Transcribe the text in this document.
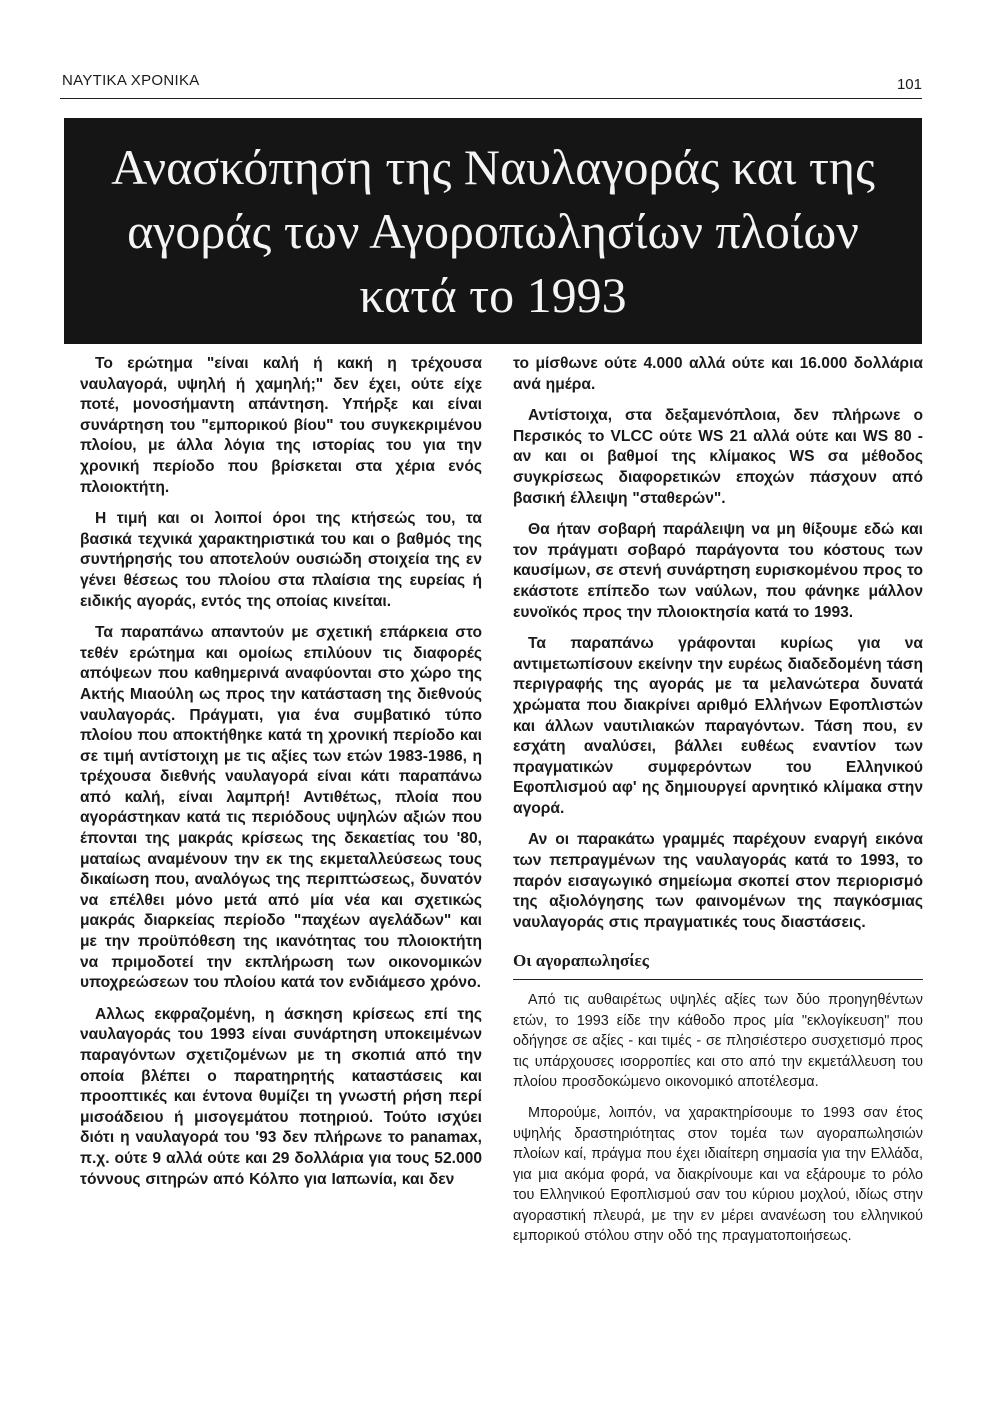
ΝΑΥΤΙΚΑ ΧΡΟΝΙΚΑ	101
Ανασκόπηση της Ναυλαγοράς και της αγοράς των Αγοροπωλησίων πλοίων κατά το 1993

Το ερώτημα "είναι καλή ή κακή η τρέχουσα ναυλαγορά, υψηλή ή χαμηλή;" δεν έχει, ούτε είχε ποτέ, μονοσήμαντη απάντηση. Υπήρξε και είναι συνάρτηση του "εμπορικού βίου" του συγκεκριμένου πλοίου, με άλλα λόγια της ιστορίας του για την χρονική περίοδο που βρίσκεται στα χέρια ενός πλοιοκτήτη.

Η τιμή και οι λοιποί όροι της κτήσεώς του, τα βασικά τεχνικά χαρακτηριστικά του και ο βαθμός της συντήρησής του αποτελούν ουσιώδη στοιχεία της εν γένει θέσεως του πλοίου στα πλαίσια της ευρείας ή ειδικής αγοράς, εντός της οποίας κινείται.

Τα παραπάνω απαντούν με σχετική επάρκεια στο τεθέν ερώτημα και ομοίως επιλύουν τις διαφορές απόψεων που καθημερινά αναφύονται στο χώρο της Ακτής Μιαούλη ως προς την κατάσταση της διεθνούς ναυλαγοράς. Πράγματι, για ένα συμβατικό τύπο πλοίου που αποκτήθηκε κατά τη χρονική περίοδο και σε τιμή αντίστοιχη με τις αξίες των ετών 1983-1986, η τρέχουσα διεθνής ναυλαγορά είναι κάτι παραπάνω από καλή, είναι λαμπρή! Αντιθέτως, πλοία που αγοράστηκαν κατά τις περιόδους υψηλών αξιών που έπονται της μακράς κρίσεως της δεκαετίας του '80, ματαίως αναμένουν την εκ της εκμεταλλεύσεως τους δικαίωση που, αναλόγως της περιπτώσεως, δυνατόν να επέλθει μόνο μετά από μία νέα και σχετικώς μακράς διαρκείας περίοδο "παχέων αγελάδων" και με την προϋπόθεση της ικανότητας του πλοιοκτήτη να πριμοδοτεί την εκπλήρωση των οικονομικών υποχρεώσεων του πλοίου κατά τον ενδιάμεσο χρόνο.

Αλλως εκφραζομένη, η άσκηση κρίσεως επί της ναυλαγοράς του 1993 είναι συνάρτηση υποκειμένων παραγόντων σχετιζομένων με τη σκοπιά από την οποία βλέπει ο παρατηρητής καταστάσεις και προοπτικές και έντονα θυμίζει τη γνωστή ρήση περί μισοάδειου ή μισογεμάτου ποτηριού. Τούτο ισχύει διότι η ναυλαγορά του '93 δεν πλήρωνε το panamax, π.χ. ούτε 9 αλλά ούτε και 29 δολλάρια για τους 52.000 τόννους σιτηρών από Κόλπο για Ιαπωνία, και δεν

το μίσθωνε ούτε 4.000 αλλά ούτε και 16.000 δολλάρια ανά ημέρα.

Αντίστοιχα, στα δεξαμενόπλοια, δεν πλήρωνε ο Περσικός το VLCC ούτε WS 21 αλλά ούτε και WS 80 - αν και οι βαθμοί της κλίμακος WS σα μέθοδος συγκρίσεως διαφορετικών εποχών πάσχουν από βασική έλλειψη "σταθερών".

Θα ήταν σοβαρή παράλειψη να μη θίξουμε εδώ και τον πράγματι σοβαρό παράγοντα του κόστους των καυσίμων, σε στενή συνάρτηση ευρισκομένου προς το εκάστοτε επίπεδο των ναύλων, που φάνηκε μάλλον ευνοϊκός προς την πλοιοκτησία κατά το 1993.

Τα παραπάνω γράφονται κυρίως για να αντιμετωπίσουν εκείνην την ευρέως διαδεδομένη τάση περιγραφής της αγοράς με τα μελανώτερα δυνατά χρώματα που διακρίνει αριθμό Ελλήνων Εφοπλιστών και άλλων ναυτιλιακών παραγόντων. Τάση που, εν εσχάτη αναλύσει, βάλλει ευθέως εναντίον των πραγματικών συμφερόντων του Ελληνικού Εφοπλισμού αφ' ης δημιουργεί αρνητικό κλίμακα στην αγορά.

Αν οι παρακάτω γραμμές παρέχουν εναργή εικόνα των πεπραγμένων της ναυλαγοράς κατά το 1993, το παρόν εισαγωγικό σημείωμα σκοπεί στον περιορισμό της αξιολόγησης των φαινομένων της παγκόσμιας ναυλαγοράς στις πραγματικές τους διαστάσεις.

Οι αγοραπωλησίες

Από τις αυθαιρέτως υψηλές αξίες των δύο προηγηθέντων ετών, το 1993 είδε την κάθοδο προς μία "εκλογίκευση" που οδήγησε σε αξίες - και τιμές - σε πλησιέστερο συσχετισμό προς τις υπάρχουσες ισορροπίες και στο από την εκμετάλλευση του πλοίου προσδοκώμενο οικονομικό αποτέλεσμα.

Μπορούμε, λοιπόν, να χαρακτηρίσουμε το 1993 σαν έτος υψηλής δραστηριότητας στον τομέα των αγοραπωλησιών πλοίων καί, πράγμα που έχει ιδιαίτερη σημασία για την Ελλάδα, για μια ακόμα φορά, να διακρίνουμε και να εξάρουμε το ρόλο του Ελληνικού Εφοπλισμού σαν του κύριου μοχλού, ιδίως στην αγοραστική πλευρά, με την εν μέρει ανανέωση του ελληνικού εμπορικού στόλου στην οδό της πραγματοποιήσεως.
